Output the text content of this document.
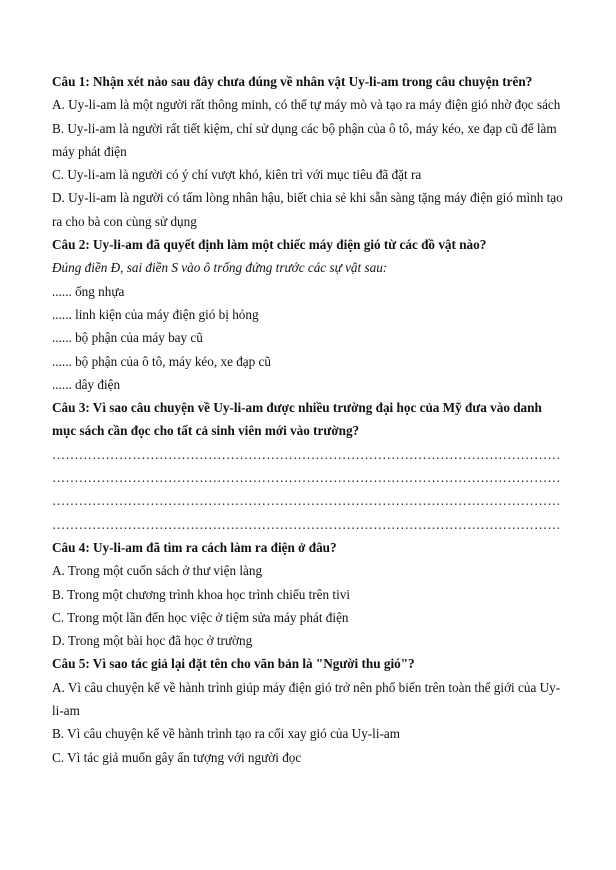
Câu 1: Nhận xét nào sau đây chưa đúng về nhân vật Uy-li-am trong câu chuyện trên?
A. Uy-li-am là một người rất thông minh, có thể tự máy mò và tạo ra máy điện gió nhờ đọc sách
B. Uy-li-am là người rất tiết kiệm, chỉ sử dụng các bộ phận của ô tô, máy kéo, xe đạp cũ để làm máy phát điện
C. Uy-li-am là người có ý chí vượt khó, kiên trì với mục tiêu đã đặt ra
D. Uy-li-am là người có tấm lòng nhân hậu, biết chia sẻ khi sẵn sàng tặng máy điện gió mình tạo ra cho bà con cùng sử dụng
Câu 2: Uy-li-am đã quyết định làm một chiếc máy điện gió từ các đồ vật nào?
Đúng điền Đ, sai điền S vào ô trống đứng trước các sự vật sau:
...... ống nhựa
...... linh kiện của máy điện gió bị hỏng
...... bộ phận của máy bay cũ
...... bộ phận của ô tô, máy kéo, xe đạp cũ
...... dây điện
Câu 3: Vì sao câu chuyện về Uy-li-am được nhiều trường đại học của Mỹ đưa vào danh
mục sách cần đọc cho tất cả sinh viên mới vào trường?
……………………………………………………………………………………………………
……………………………………………………………………………………………………
……………………………………………………………………………………………………
……………………………………………………………………………………………………
Câu 4: Uy-li-am đã tìm ra cách làm ra điện ở đâu?
A. Trong một cuốn sách ở thư viện làng
B. Trong một chương trình khoa học trình chiếu trên tivi
C. Trong một lần đến học việc ở tiệm sửa máy phát điện
D. Trong một bài học đã học ở trường
Câu 5: Vì sao tác giả lại đặt tên cho văn bản là "Người thu gió"?
A. Vì câu chuyện kể về hành trình giúp máy điện gió trở nên phổ biến trên toàn thế giới của Uy-li-am
B. Vì câu chuyện kể về hành trình tạo ra cối xay gió của Uy-li-am
C. Vì tác giả muốn gây ấn tượng với người đọc
